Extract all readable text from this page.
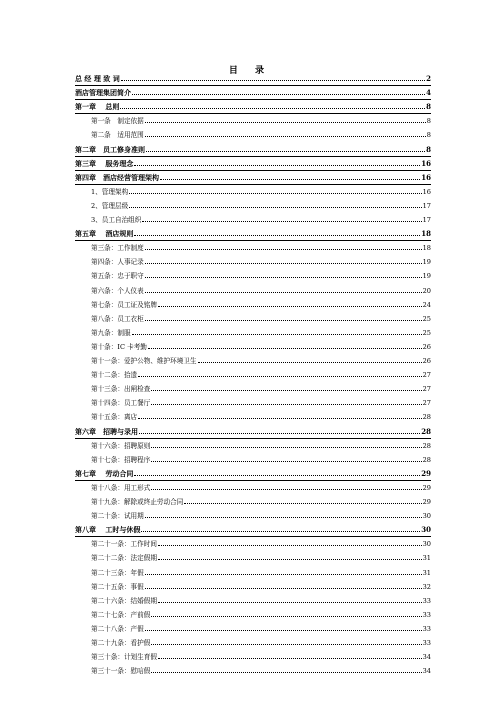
目 录
总 经 理 致 词	2
酒店管理集团简介	4
第一章　 总则	8
第一条　制定依据	8
第二条　适用范围	8
第二章　员工修身准则	8
第三章　 服务理念	16
第四章　酒店经营管理架构	16
1、管理架构	16
2、管理层级	17
3、员工自治组织	17
第五章　 酒店规则	18
第三条：工作制度	18
第四条：人事记录	19
第五条：忠于职守	19
第六条：个人仪表	20
第七条：员工证及铭牌	24
第八条：员工衣柜	25
第九条：制服	25
第十条：IC 卡考勤	26
第十一条：爱护公物、维护环境卫生	26
第十二条：拾遗	27
第十三条：出闸检查	27
第十四条：员工餐厅	27
第十五条：离店	28
第六章　招聘与录用	28
第十六条：招聘原则	28
第十七条：招聘程序	28
第七章　 劳动合同	29
第十八条：用工形式	29
第十九条：解除或终止劳动合同	29
第二十条：试用期	30
第八章　 工时与休假	30
第二十一条：工作时间	30
第二十二条：法定假期	31
第二十三条：年假	31
第二十五条：事假	32
第二十六条：结婚假期	33
第二十七条：产前假	33
第二十八条：产假	33
第二十九条：看护假	33
第三十条：计划生育假	34
第三十一条：慰唁假	34
